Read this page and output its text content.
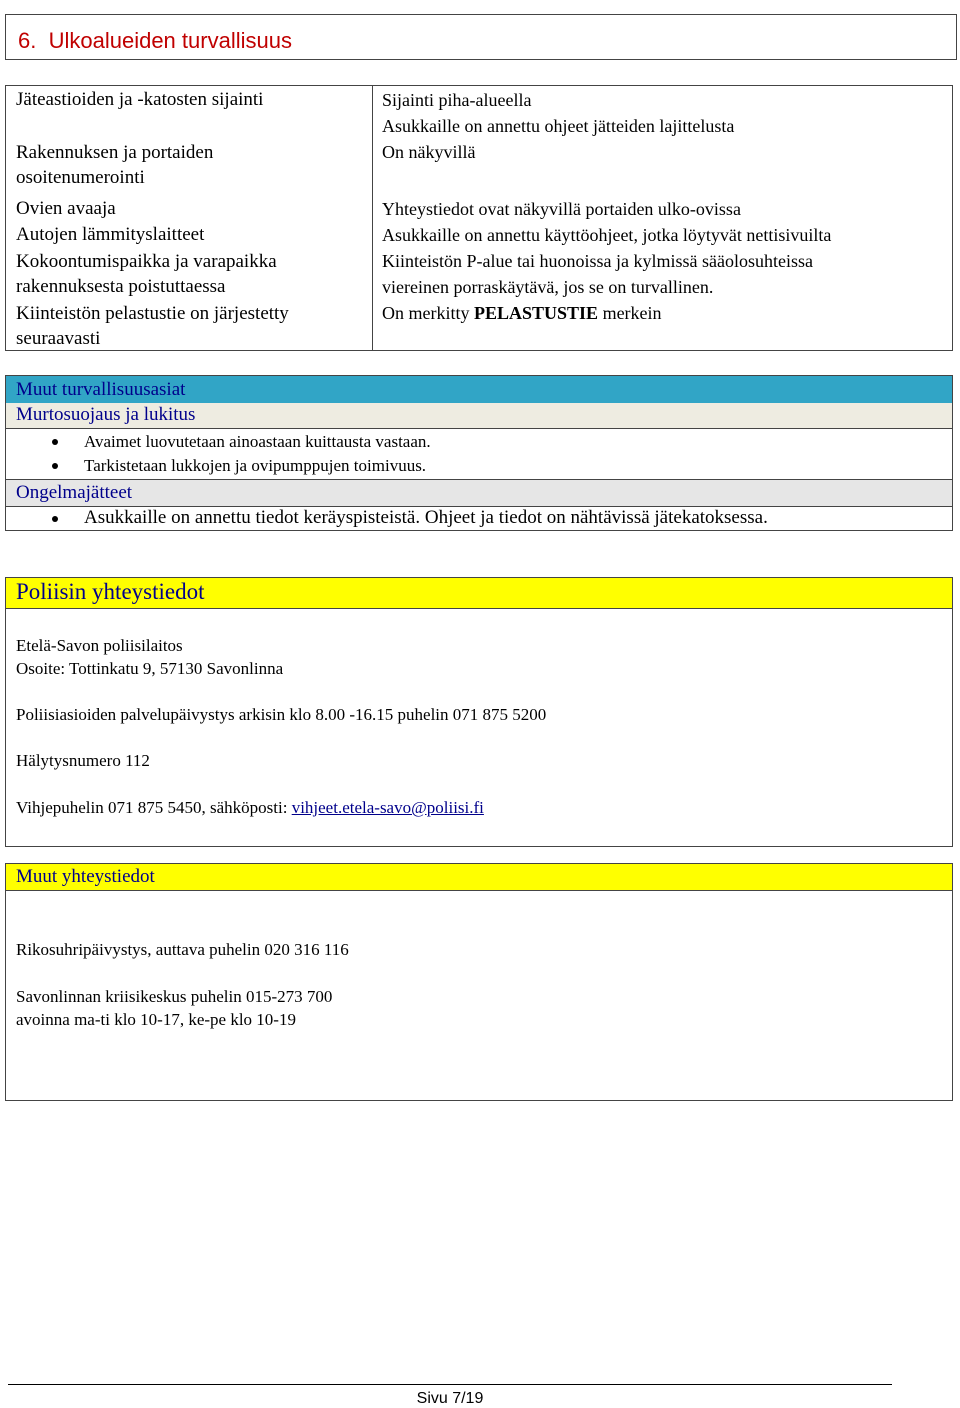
6. Ulkoalueiden turvallisuus
Jäteastioiden ja -katosten sijainti
Rakennuksen ja portaiden
osoitenumerointi
Ovien avaaja
Autojen lämmityslaitteet
Kokoontumispaikka ja varapaikka
rakennuksesta poistuttaessa
Kiinteistön pelastustie on järjestetty
seuraavasti
Sijainti piha-alueella
Asukkaille on annettu ohjeet jätteiden lajittelusta
On näkyvillä
Yhteystiedot ovat näkyvillä portaiden ulko-ovissa
Asukkaille on annettu käyttöohjeet, jotka löytyvät nettisivuilta
Kiinteistön P-alue tai huonoissa ja kylmissä sääolosuhteissa
viereinen porraskäytävä, jos se on turvallinen.
On merkitty PELASTUSTIE merkein
Muut turvallisuusasiat
Murtosuojaus ja lukitus
Avaimet luovutetaan ainoastaan kuittausta vastaan.
Tarkistetaan lukkojen ja ovipumppujen toimivuus.
Ongelmajätteet
Asukkaille on annettu tiedot keräyspisteistä. Ohjeet ja tiedot on nähtävissä jätekatoksessa.
Poliisin yhteystiedot
Etelä-Savon poliisilaitos
Osoite: Tottinkatu 9, 57130 Savonlinna
Poliisiasioiden palvelupäivystys arkisin klo 8.00 -16.15 puhelin 071 875 5200
Hälytysnumero 112
Vihjepuhelin 071 875 5450, sähköposti: vihjeet.etela-savo@poliisi.fi
Muut yhteystiedot
Rikosuhripäivystys, auttava puhelin 020 316 116
Savonlinnan kriisikeskus puhelin 015-273 700
avoinna ma-ti klo 10-17, ke-pe klo 10-19
Sivu 7/19
